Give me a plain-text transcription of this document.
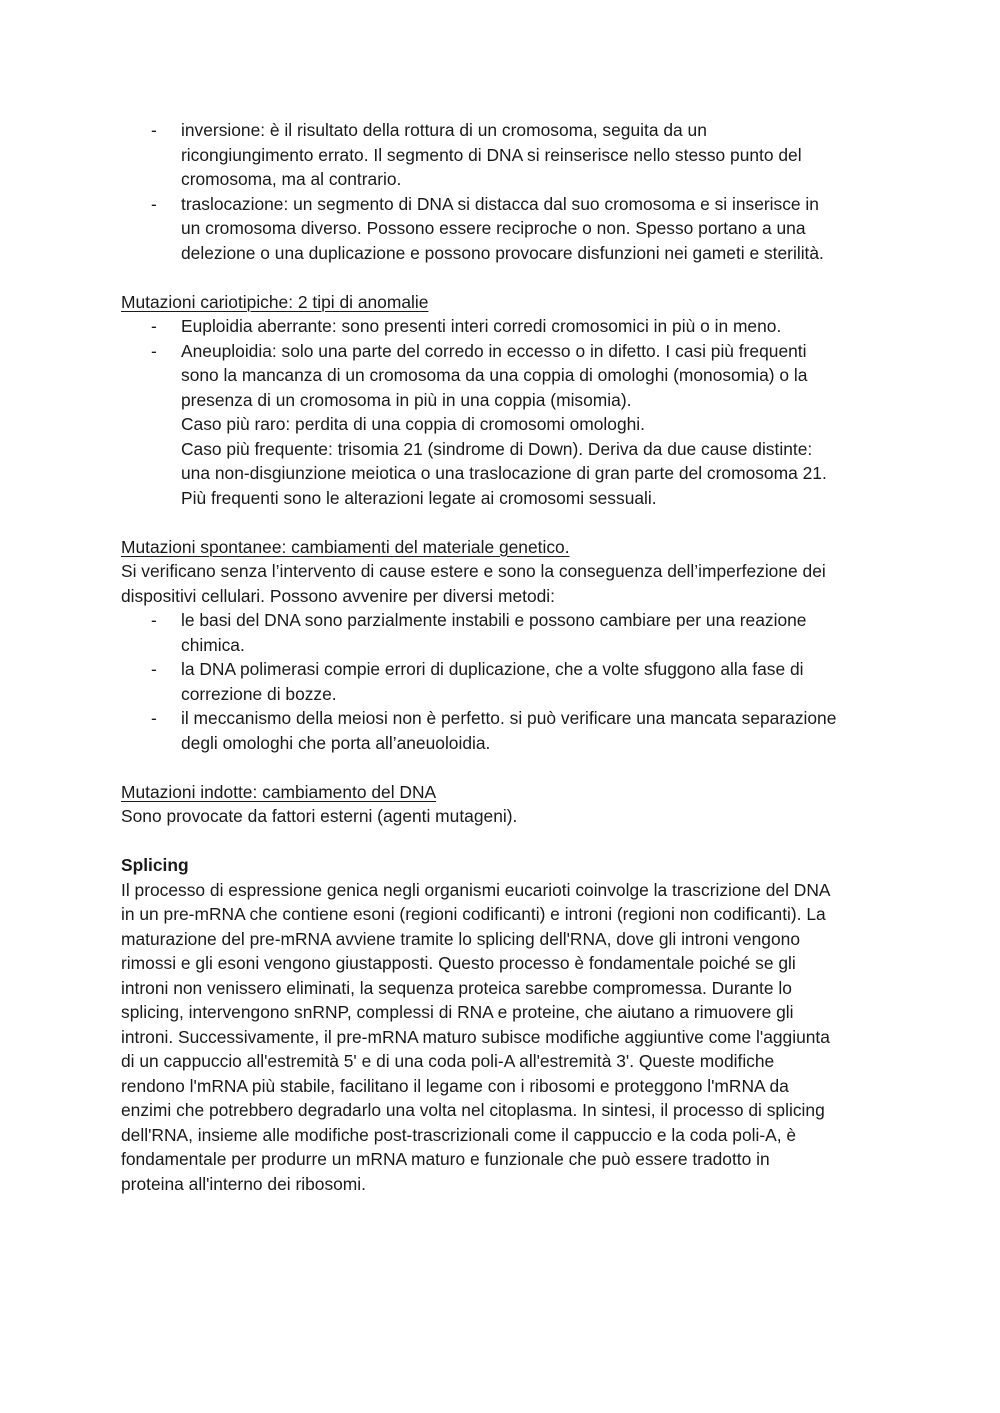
- inversione: è il risultato della rottura di un cromosoma, seguita da un
ricongiungimento errato. Il segmento di DNA si reinserisce nello stesso punto del
cromosoma, ma al contrario.
- traslocazione: un segmento di DNA si distacca dal suo cromosoma e si inserisce in
un cromosoma diverso. Possono essere reciproche o non. Spesso portano a una
delezione o una duplicazione e possono provocare disfunzioni nei gameti e sterilità.
Mutazioni cariotipiche: 2 tipi di anomalie
- Euploidia aberrante: sono presenti interi corredi cromosomici in più o in meno.
- Aneuploidia: solo una parte del corredo in eccesso o in difetto. I casi più frequenti
sono la mancanza di un cromosoma da una coppia di omologhi (monosomia) o la
presenza di un cromosoma in più in una coppia (misomia).
Caso più raro: perdita di una coppia di cromosomi omologhi.
Caso più frequente: trisomia 21 (sindrome di Down). Deriva da due cause distinte:
una non-disgiunzione meiotica o una traslocazione di gran parte del cromosoma 21.
Più frequenti sono le alterazioni legate ai cromosomi sessuali.
Mutazioni spontanee: cambiamenti del materiale genetico.
Si verificano senza l’intervento di cause estere e sono la conseguenza dell’imperfezione dei
dispositivi cellulari. Possono avvenire per diversi metodi:
- le basi del DNA sono parzialmente instabili e possono cambiare per una reazione
chimica.
- la DNA polimerasi compie errori di duplicazione, che a volte sfuggono alla fase di
correzione di bozze.
- il meccanismo della meiosi non è perfetto. si può verificare una mancata separazione
degli omologhi che porta all’aneuoloidia.
Mutazioni indotte: cambiamento del DNA
Sono provocate da fattori esterni (agenti mutageni).
Splicing
Il processo di espressione genica negli organismi eucarioti coinvolge la trascrizione del DNA
in un pre-mRNA che contiene esoni (regioni codificanti) e introni (regioni non codificanti). La
maturazione del pre-mRNA avviene tramite lo splicing dell'RNA, dove gli introni vengono
rimossi e gli esoni vengono giustapposti. Questo processo è fondamentale poiché se gli
introni non venissero eliminati, la sequenza proteica sarebbe compromessa. Durante lo
splicing, intervengono snRNP, complessi di RNA e proteine, che aiutano a rimuovere gli
introni. Successivamente, il pre-mRNA maturo subisce modifiche aggiuntive come l'aggiunta
di un cappuccio all'estremità 5' e di una coda poli-A all'estremità 3'. Queste modifiche
rendono l'mRNA più stabile, facilitano il legame con i ribosomi e proteggono l'mRNA da
enzimi che potrebbero degradarlo una volta nel citoplasma. In sintesi, il processo di splicing
dell'RNA, insieme alle modifiche post-trascrizionali come il cappuccio e la coda poli-A, è
fondamentale per produrre un mRNA maturo e funzionale che può essere tradotto in
proteina all'interno dei ribosomi.
